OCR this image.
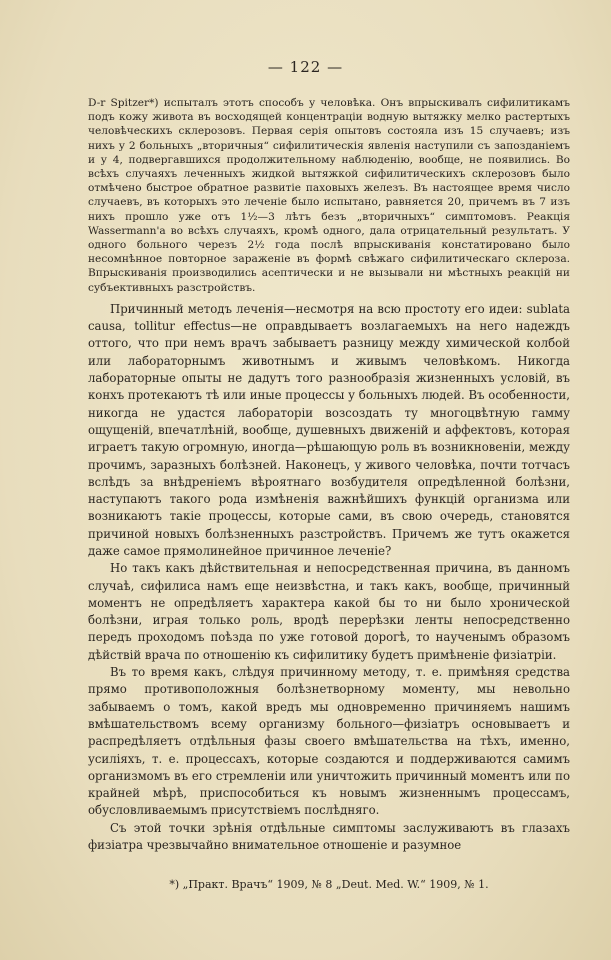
— 122 —

D-r Spitzer*) испыталъ этотъ способъ у человѣка. Онъ впрыскивалъ сифилитикамъ подъ кожу живота въ восходящей концентрацiи водную вытяжку мелко растертыхъ человѣческихъ склерозовъ. Первая серiя опытовъ состояла изъ 15 случаевъ; изъ нихъ у 2 больныхъ „вторичныя“ сифилитическiя явленiя наступили съ запозданiемъ и у 4, подвергавшихся продолжительному наблюденiю, вообще, не появились. Во всѣхъ случаяхъ леченныхъ жидкой вытяжкой сифилитическихъ склерозовъ было отмѣчено быстрое обратное развитiе паховыхъ железъ. Въ настоящее время число случаевъ, въ которыхъ это леченiе было испытано, равняется 20, причемъ въ 7 изъ нихъ прошло уже отъ 1½—3 лѣтъ безъ „вторичныхъ“ симптомовъ. Реакцiя Wassermann'a во всѣхъ случаяхъ, кромѣ одного, дала отрицательный результатъ. У одного больного черезъ 2½ года послѣ впрыскиванiя констатировано было несомнѣнное повторное зараженiе въ формѣ свѣжаго сифилитическаго склероза. Впрыскиванiя производились асептически и не вызывали ни мѣстныхъ реакцiй ни субъективныхъ разстройствъ.

Причинный методъ леченiя—несмотря на всю простоту его идеи: sublata causa, tollitur effectus—не оправдываетъ возлагаемыхъ на него надеждъ оттого, что при немъ врачъ забываетъ разницу между химической колбой или лабораторнымъ животнымъ и живымъ человѣкомъ. Никогда лабораторные опыты не дадутъ того разнообразiя жизненныхъ условiй, въ конхъ протекаютъ тѣ или иные процессы у больныхъ людей. Въ особенности, никогда не удастся лабораторiи возсоздать ту многоцвѣтную гамму ощущенiй, впечатлѣнiй, вообще, душевныхъ движенiй и аффектовъ, которая играетъ такую огромную, иногда—рѣшающую роль въ возникновенiи, между прочимъ, заразныхъ болѣзней. Наконецъ, у живого человѣка, почти тотчасъ вслѣдъ за внѣдренiемъ вѣроятнаго возбудителя опредѣленной болѣзни, наступаютъ такого рода измѣненiя важнѣйшихъ функцiй организма или возникаютъ такiе процессы, которые сами, въ свою очередь, становятся причиной новыхъ болѣзненныхъ разстройствъ. Причемъ же тутъ окажется даже самое прямолинейное причинное леченiе?

Но такъ какъ дѣйствительная и непосредственная причина, въ данномъ случаѣ, сифилиса намъ еще неизвѣстна, и такъ какъ, вообще, причинный моментъ не опредѣляетъ характера какой бы то ни было хронической болѣзни, играя только роль, вродѣ перерѣзки ленты непосредственно передъ проходомъ поѣзда по уже готовой дорогѣ, то наученымъ образомъ дѣйствiй врача по отношенiю къ сифилитику будетъ примѣненiе физiатрiи.

Въ то время какъ, слѣдуя причинному методу, т. е. примѣняя средства прямо противоположныя болѣзнетворному моменту, мы невольно забываемъ о томъ, какой вредъ мы одновременно причиняемъ нашимъ вмѣшательствомъ всему организму больного—физiатръ основываетъ и распредѣляетъ отдѣльныя фазы своего вмѣшательства на тѣхъ, именно, усилiяхъ, т. е. процессахъ, которые создаются и поддерживаются самимъ организмомъ въ его стремленiи или уничтожить причинный моментъ или по крайней мѣрѣ, приспособиться къ новымъ жизненнымъ процессамъ, обусловливаемымъ присутствiемъ послѣдняго.

Съ этой точки зрѣнiя отдѣльные симптомы заслуживаютъ въ глазахъ физiатра чрезвычайно внимательное отношенiе и разумное

*) „Практ. Врачъ“ 1909, № 8 „Deut. Med. W.“ 1909, № 1.
